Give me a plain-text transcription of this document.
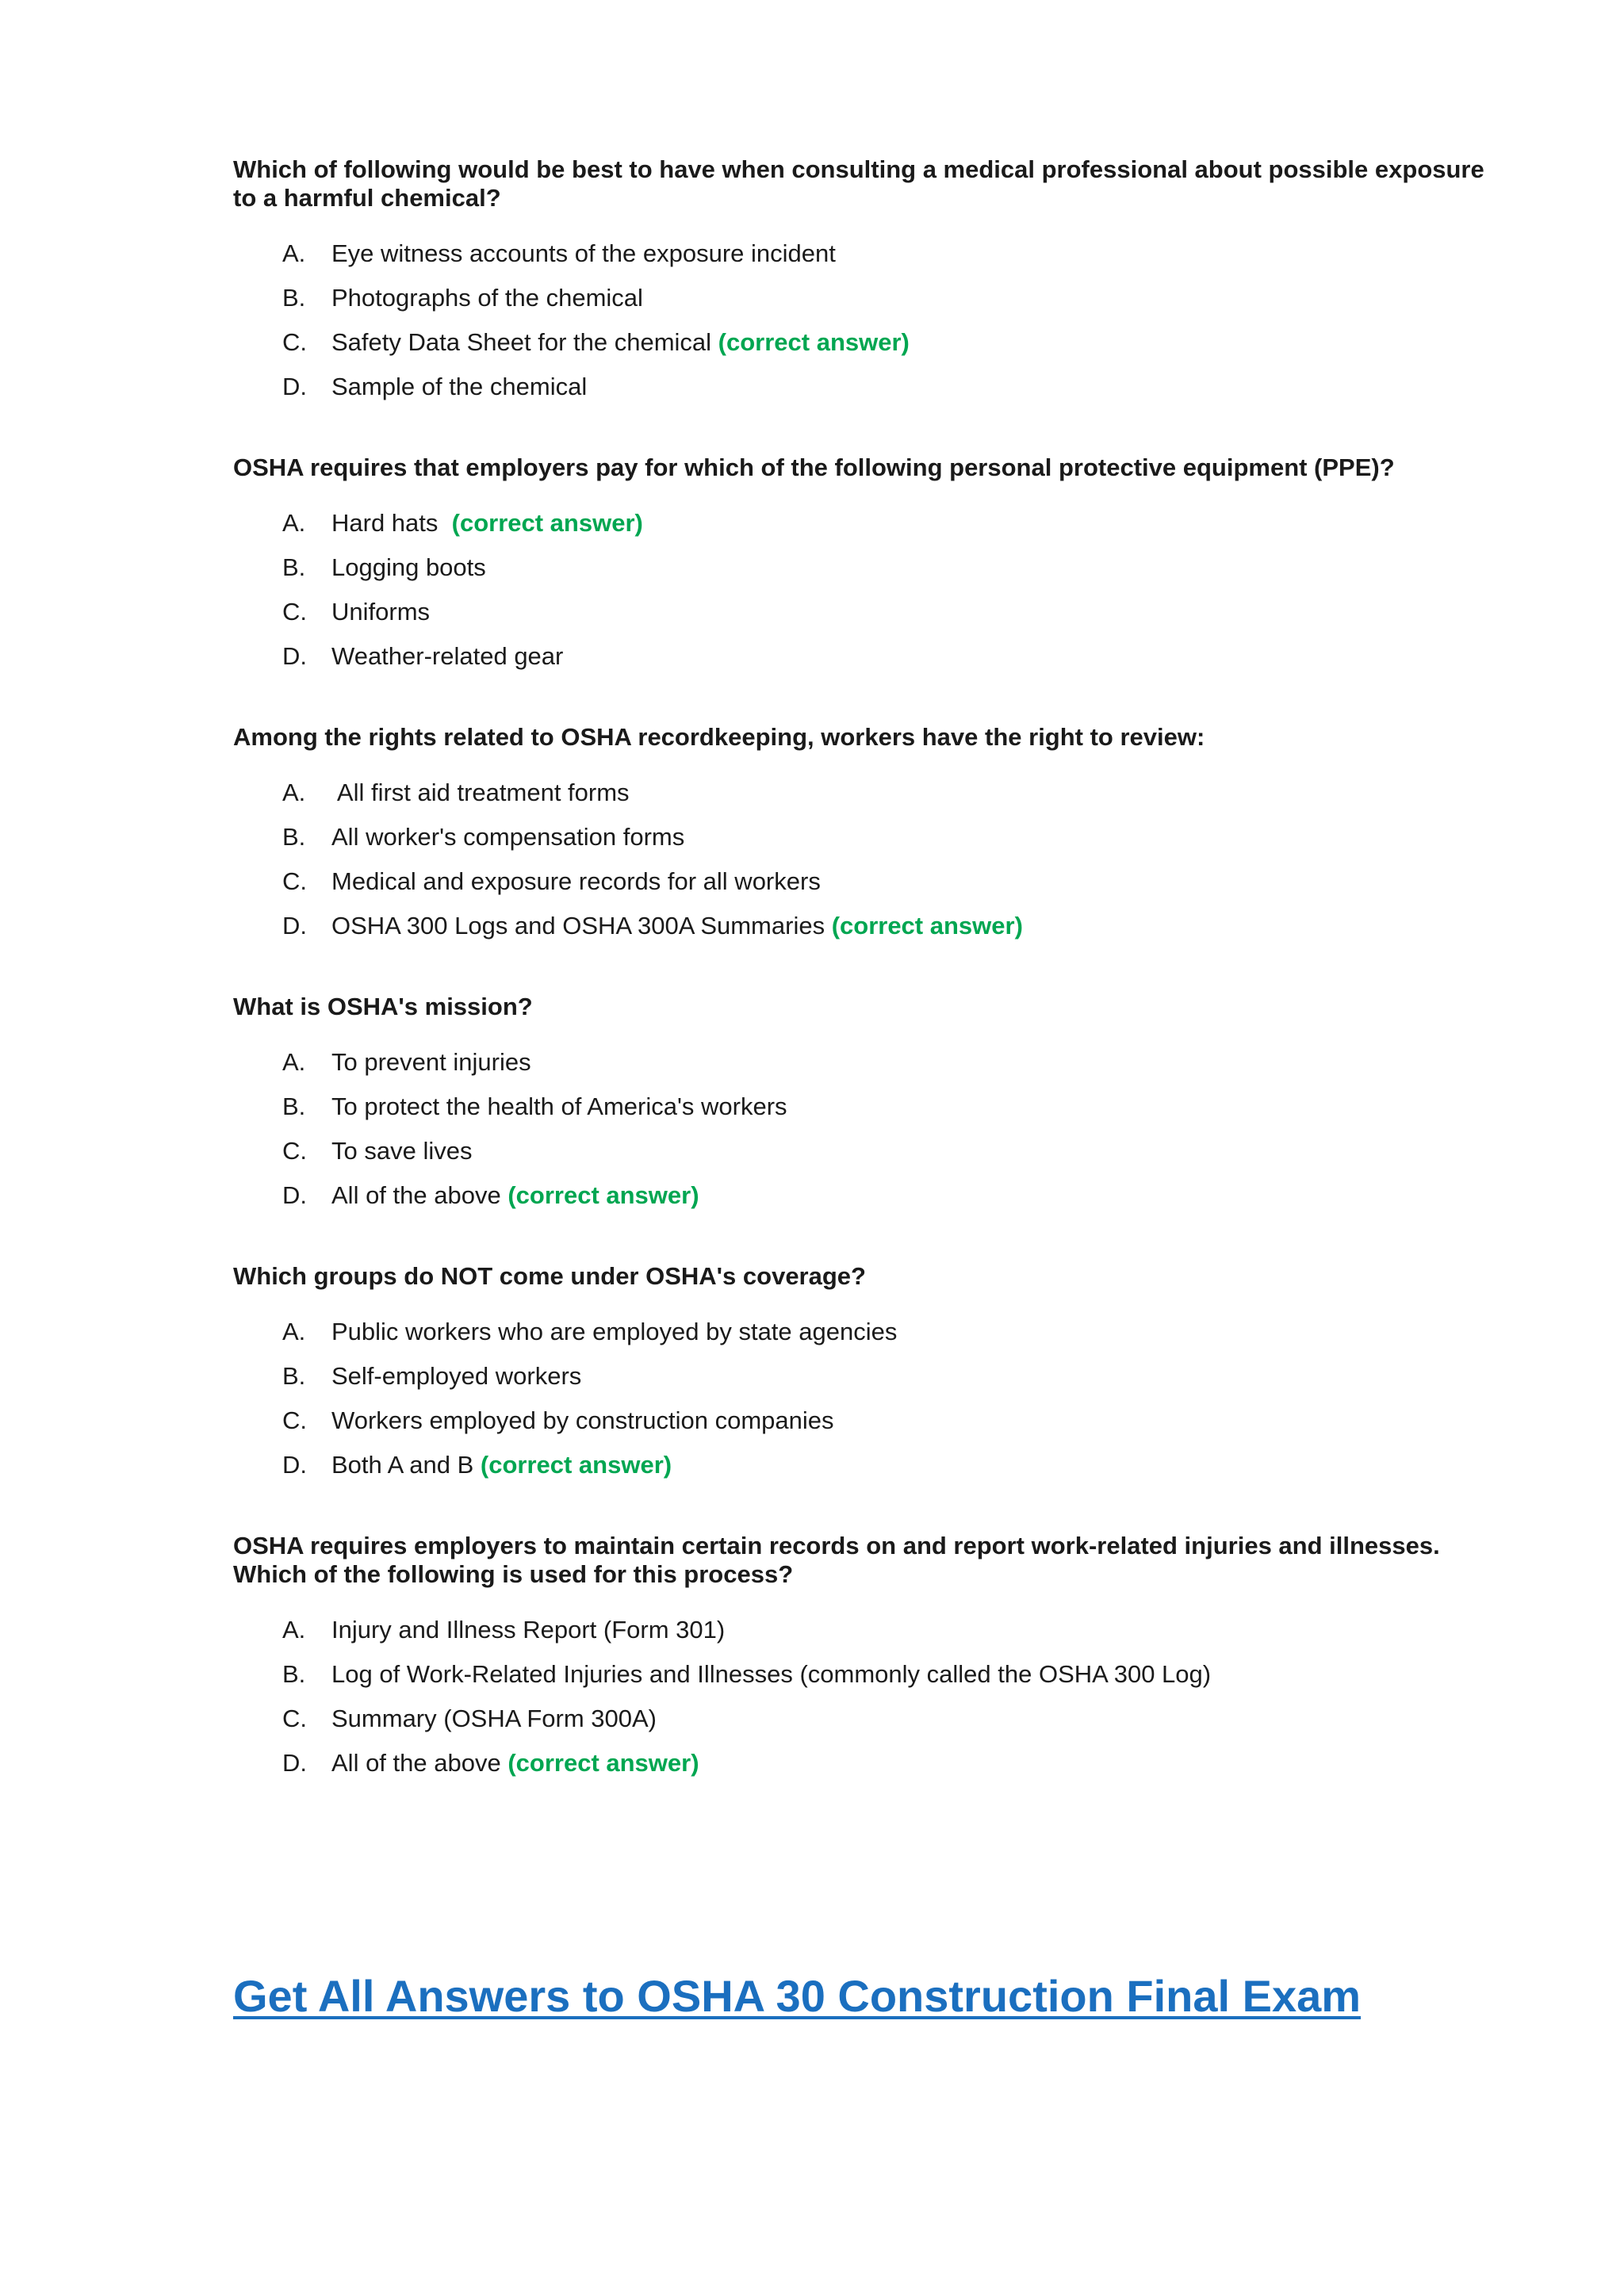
Which of following would be best to have when consulting a medical professional about possible exposure to a harmful chemical?

A. Eye witness accounts of the exposure incident
B. Photographs of the chemical
C. Safety Data Sheet for the chemical (correct answer)
D. Sample of the chemical

OSHA requires that employers pay for which of the following personal protective equipment (PPE)?

A. Hard hats  (correct answer)
B. Logging boots
C. Uniforms
D. Weather-related gear

Among the rights related to OSHA recordkeeping, workers have the right to review:

A. All first aid treatment forms
B. All worker's compensation forms
C. Medical and exposure records for all workers
D. OSHA 300 Logs and OSHA 300A Summaries (correct answer)

What is OSHA's mission?

A. To prevent injuries
B. To protect the health of America's workers
C. To save lives
D. All of the above (correct answer)

Which groups do NOT come under OSHA's coverage?

A. Public workers who are employed by state agencies
B. Self-employed workers
C. Workers employed by construction companies
D. Both A and B (correct answer)

OSHA requires employers to maintain certain records on and report work-related injuries and illnesses. Which of the following is used for this process?

A. Injury and Illness Report (Form 301)
B. Log of Work-Related Injuries and Illnesses (commonly called the OSHA 300 Log)
C. Summary (OSHA Form 300A)
D. All of the above (correct answer)
Get All Answers to OSHA 30 Construction Final Exam
